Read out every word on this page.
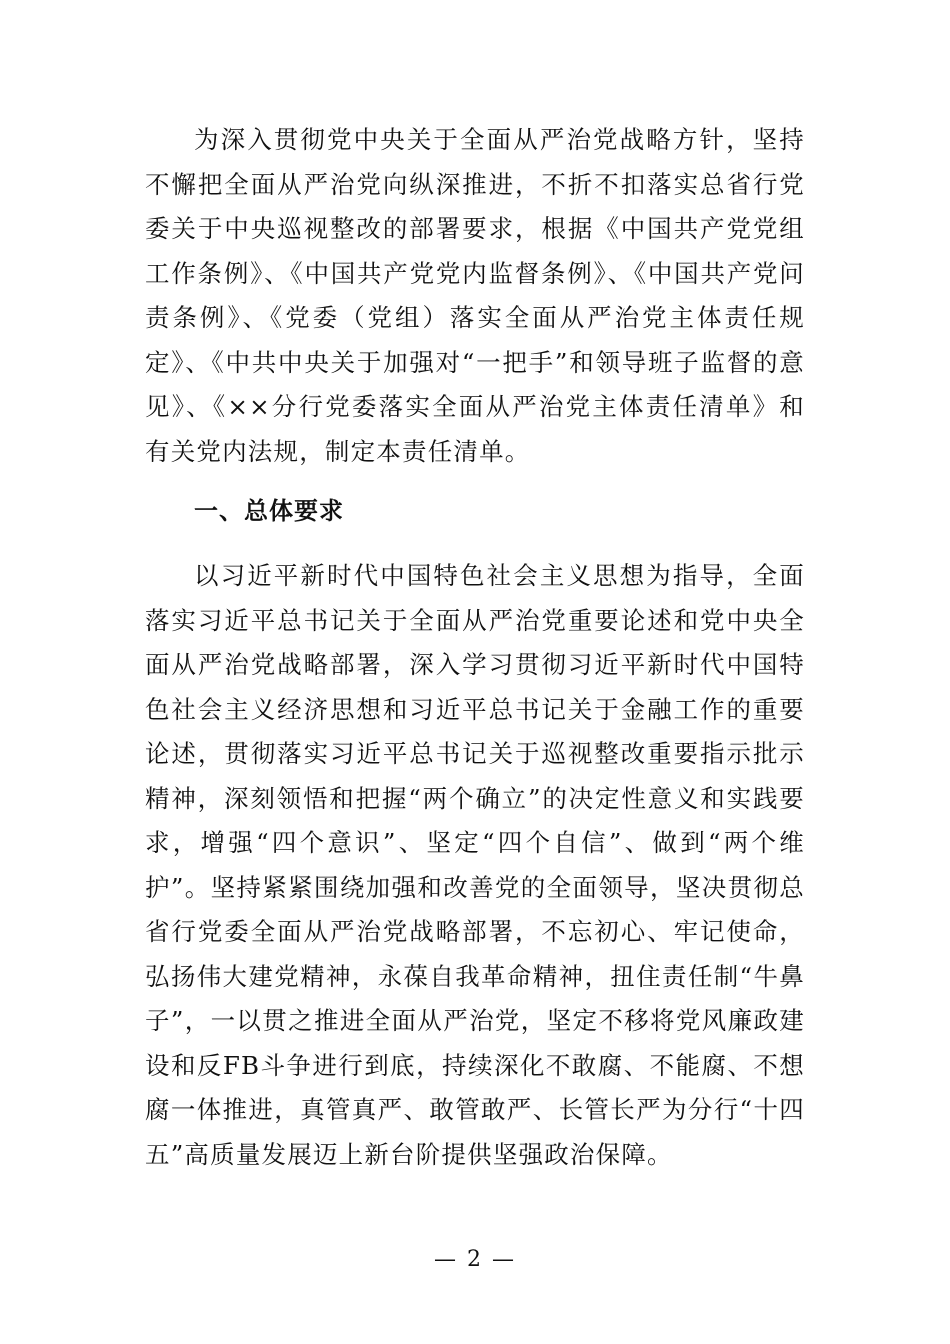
为深入贯彻党中央关于全面从严治党战略方针，坚持不懈把全面从严治党向纵深推进，不折不扣落实总省行党委关于中央巡视整改的部署要求，根据《中国共产党党组工作条例》、《中国共产党党内监督条例》、《中国共产党问责条例》、《党委（党组）落实全面从严治党主体责任规定》、《中共中央关于加强对“一把手”和领导班子监督的意见》、《××分行党委落实全面从严治党主体责任清单》和有关党内法规，制定本责任清单。

一、总体要求

以习近平新时代中国特色社会主义思想为指导，全面落实习近平总书记关于全面从严治党重要论述和党中央全面从严治党战略部署，深入学习贯彻习近平新时代中国特色社会主义经济思想和习近平总书记关于金融工作的重要论述，贯彻落实习近平总书记关于巡视整改重要指示批示精神，深刻领悟和把握“两个确立”的决定性意义和实践要求，增强“四个意识”、坚定“四个自信”、做到“两个维护”。坚持紧紧围绕加强和改善党的全面领导，坚决贯彻总省行党委全面从严治党战略部署，不忘初心、牢记使命，弘扬伟大建党精神，永葆自我革命精神，扭住责任制“牛鼻子”，一以贯之推进全面从严治党，坚定不移将党风廉政建设和反FB斗争进行到底，持续深化不敢腐、不能腐、不想腐一体推进，真管真严、敢管敢严、长管长严为分行“十四五”高质量发展迈上新台阶提供坚强政治保障。

— 2 —
